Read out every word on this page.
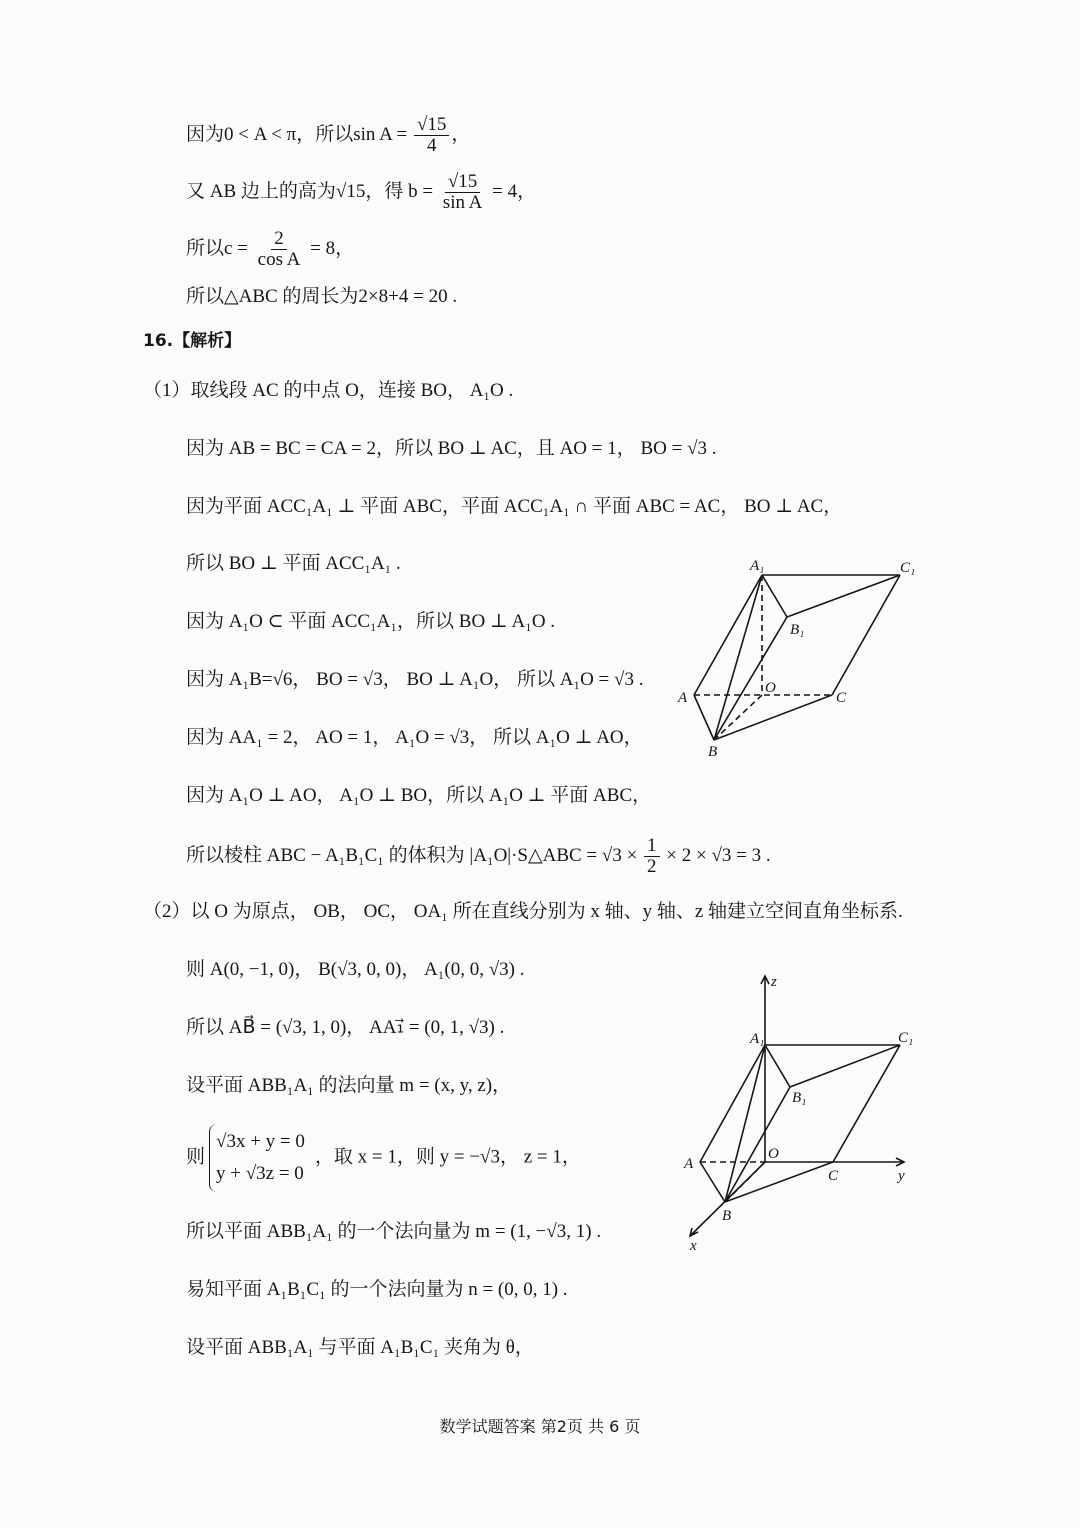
因为0 < A < π，所以$\sin A = \frac{√15}{4}$ ，
又 AB 边上的高为√15，得 $b = \frac{√15}{\text{sin A}} = 4$，
所以$c = \frac{2}{\text{cos A}} = 8$，
所以△ABC 的周长为2×8+4 = 20 .
16.【解析】
（1）取线段 AC 的中点 O，连接 BO， A₁O .
因为 AB = BC = CA = 2，所以 BO ⊥ AC，且 AO = 1， BO = √3 .
因为平面 ACC₁A₁ ⊥ 平面 ABC，平面 ACC₁A₁ ∩ 平面 ABC = AC， BO ⊥ AC，
所以 BO ⊥ 平面 ACC₁A₁ .
因为 A₁O ⊂ 平面 ACC₁A₁，所以 BO ⊥ A₁O .
因为 A₁B=√6， BO = √3， BO ⊥ A₁O， 所以 A₁O = √3 .
因为 AA₁ = 2， AO = 1， A₁O = √3， 所以 A₁O ⊥ AO，
因为 A₁O ⊥ AO， A₁O ⊥ BO，所以 A₁O ⊥ 平面 ABC，
所以棱柱 ABC − A₁B₁C₁ 的体积为 |A₁O|·S△ABC = $√3 \times \frac{1}{2} \times 2 \times √3 = 3$ .
（2）以 O 为原点， OB， OC， OA₁ 所在直线分别为 x 轴、y 轴、z 轴建立空间直角坐标系.
则 A(0, −1, 0)， B(√3, 0, 0)， A₁(0, 0, √3) .
所以 AB⃗ = (√3, 1, 0)， AA₁⃗ = (0, 1, √3) .
设平面 ABB₁A₁ 的法向量 m = (x, y, z)，
则√3x + y = 0
y + √3z = 0，取 x = 1，则 y = −√3， z = 1，
所以平面 ABB₁A₁ 的一个法向量为 m = (1, −√3, 1) .
易知平面 A₁B₁C₁ 的一个法向量为 n = (0, 0, 1) .
设平面 ABB₁A₁ 与平面 A₁B₁C₁ 夹角为 θ，
A₁	C₁
B₁
O
A	C
B
z
A₁	C₁
B₁
O
A
C	y
B
x
数学试题答案 第2页 共 6 页
